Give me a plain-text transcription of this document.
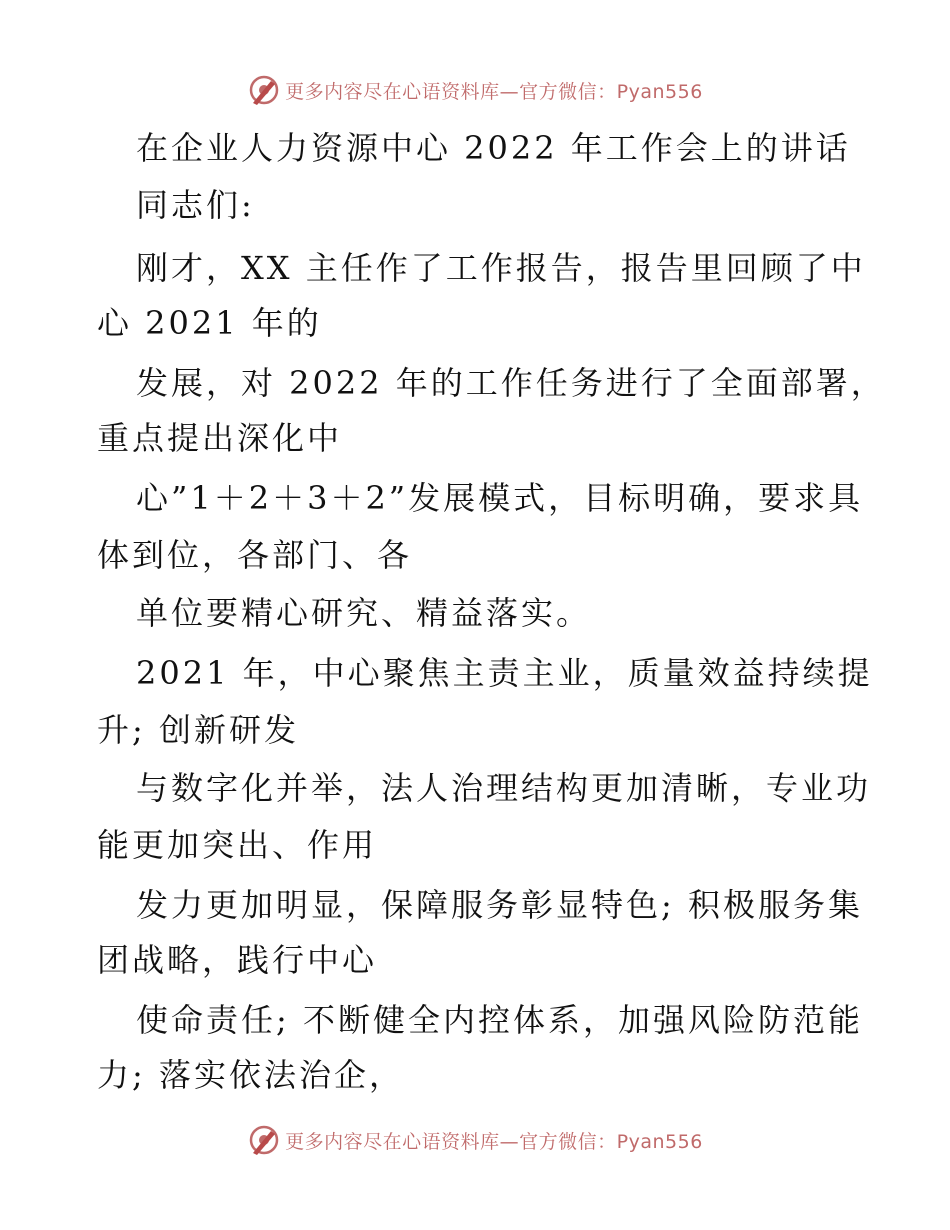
更多内容尽在心语资料库—官方微信：Pyan556
在企业人力资源中心 2022 年工作会上的讲话
同志们:
刚才，XX 主任作了工作报告，报告里回顾了中
心 2021 年的
发展，对 2022 年的工作任务进行了全面部署，
重点提出深化中
心”1＋2＋3＋2”发展模式，目标明确，要求具
体到位，各部门、各
单位要精心研究、精益落实。
2021 年，中心聚焦主责主业，质量效益持续提
升; 创新研发
与数字化并举，法人治理结构更加清晰，专业功
能更加突出、作用
发力更加明显，保障服务彰显特色; 积极服务集
团战略，践行中心
使命责任; 不断健全内控体系，加强风险防范能
力; 落实依法治企，
更多内容尽在心语资料库—官方微信：Pyan556
